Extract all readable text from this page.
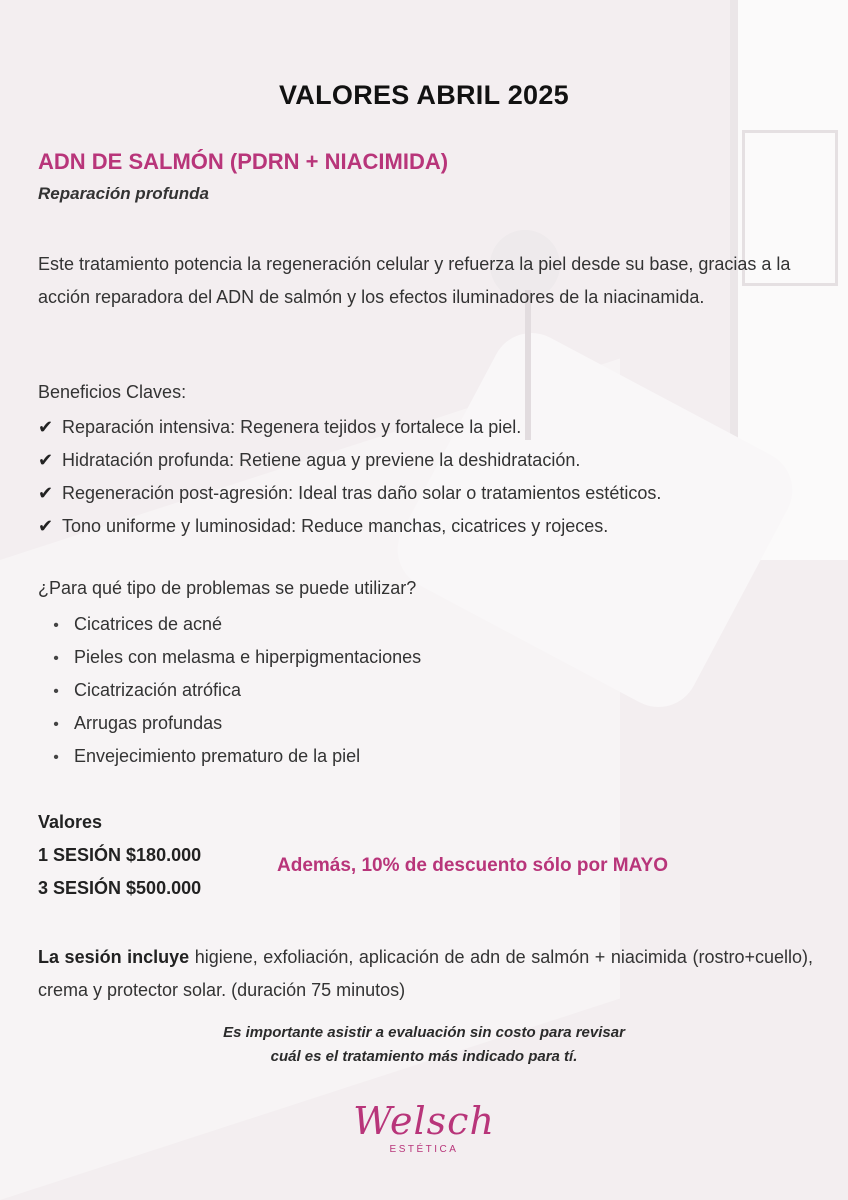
VALORES ABRIL 2025
ADN DE SALMÓN (PDRN + NIACIMIDA)

Reparación profunda

Este tratamiento potencia la regeneración celular y refuerza la piel desde su base, gracias a la acción reparadora del ADN de salmón y los efectos iluminadores de la niacinamida.

Beneficios Claves:

✔ Reparación intensiva: Regenera tejidos y fortalece la piel.
✔ Hidratación profunda: Retiene agua y previene la deshidratación.
✔ Regeneración post-agresión: Ideal tras daño solar o tratamientos estéticos.
✔ Tono uniforme y luminosidad: Reduce manchas, cicatrices y rojeces.

¿Para qué tipo de problemas se puede utilizar?

• Cicatrices de acné
• Pieles con melasma e hiperpigmentaciones
• Cicatrización atrófica
• Arrugas profundas
• Envejecimiento prematuro de la piel

Valores

1 SESIÓN $180.000

3 SESIÓN $500.000

Además, 10% de descuento sólo por MAYO

La sesión incluye higiene, exfoliación, aplicación de adn de salmón + niacimida (rostro+cuello), crema y protector solar. (duración 75 minutos)

Es importante asistir a evaluación sin costo para revisar
cuál es el tratamiento más indicado para tí.

Welsch
ESTÉTICA
